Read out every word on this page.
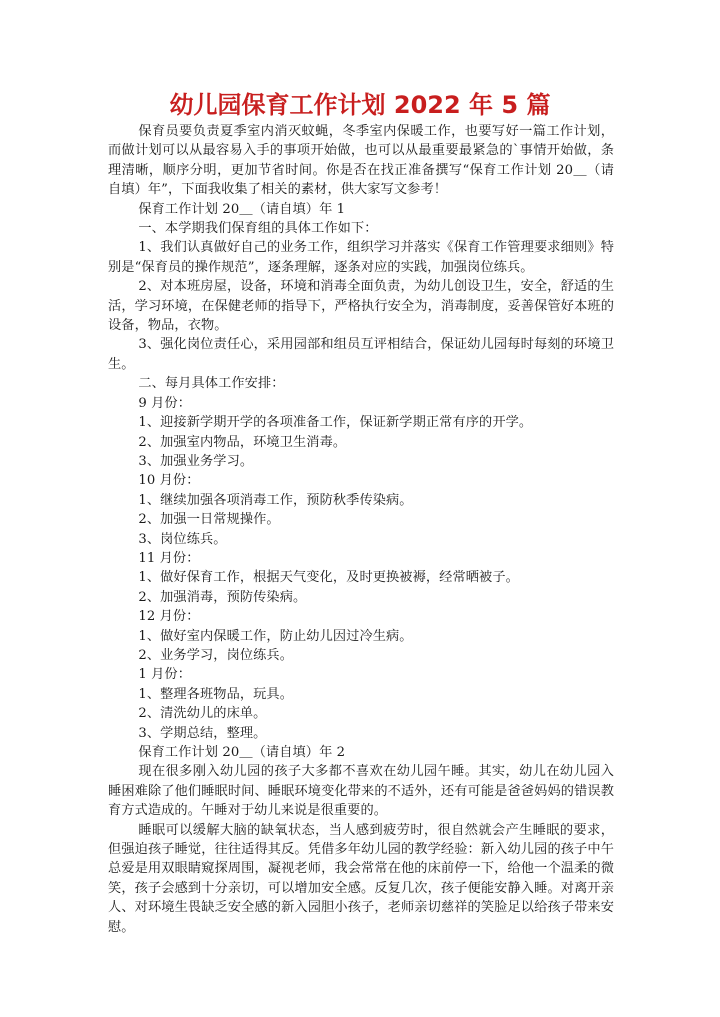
幼儿园保育工作计划 2022 年 5 篇

保育员要负责夏季室内消灭蚊蝇，冬季室内保暖工作，也要写好一篇工作计划，而做计划可以从最容易入手的事项开始做，也可以从最重要最紧急的`事情开始做，条理清晰，顺序分明，更加节省时间。你是否在找正准备撰写“保育工作计划 20＿（请自填）年”，下面我收集了相关的素材，供大家写文参考！

保育工作计划 20＿（请自填）年 1

一、本学期我们保育组的具体工作如下：

1、我们认真做好自己的业务工作，组织学习并落实《保育工作管理要求细则》特别是“保育员的操作规范”，逐条理解，逐条对应的实践，加强岗位练兵。

2、对本班房屋，设备，环境和消毒全面负责，为幼儿创设卫生，安全，舒适的生活，学习环境，在保健老师的指导下，严格执行安全为，消毒制度，妥善保管好本班的设备，物品，衣物。

3、强化岗位责任心，采用园部和组员互评相结合，保证幼儿园每时每刻的环境卫生。

二、每月具体工作安排：

9 月份：

1、迎接新学期开学的各项准备工作，保证新学期正常有序的开学。

2、加强室内物品，环境卫生消毒。

3、加强业务学习。

10 月份：

1、继续加强各项消毒工作，预防秋季传染病。

2、加强一日常规操作。

3、岗位练兵。

11 月份：

1、做好保育工作，根据天气变化，及时更换被褥，经常晒被子。

2、加强消毒，预防传染病。

12 月份：

1、做好室内保暖工作，防止幼儿因过冷生病。

2、业务学习，岗位练兵。

1 月份：

1、整理各班物品，玩具。

2、清洗幼儿的床单。

3、学期总结，整理。

保育工作计划 20＿（请自填）年 2

现在很多刚入幼儿园的孩子大多都不喜欢在幼儿园午睡。其实，幼儿在幼儿园入睡困难除了他们睡眠时间、睡眠环境变化带来的不适外，还有可能是爸爸妈妈的错误教育方式造成的。午睡对于幼儿来说是很重要的。

睡眠可以缓解大脑的缺氧状态，当人感到疲劳时，很自然就会产生睡眠的要求，但强迫孩子睡觉，往往适得其反。凭借多年幼儿园的教学经验：新入幼儿园的孩子中午总爱是用双眼睛窥探周围，凝视老师，我会常常在他的床前停一下，给他一个温柔的微笑，孩子会感到十分亲切，可以增加安全感。反复几次，孩子便能安静入睡。对离开亲人、对环境生畏缺乏安全感的新入园胆小孩子，老师亲切慈祥的笑脸足以给孩子带来安慰。
